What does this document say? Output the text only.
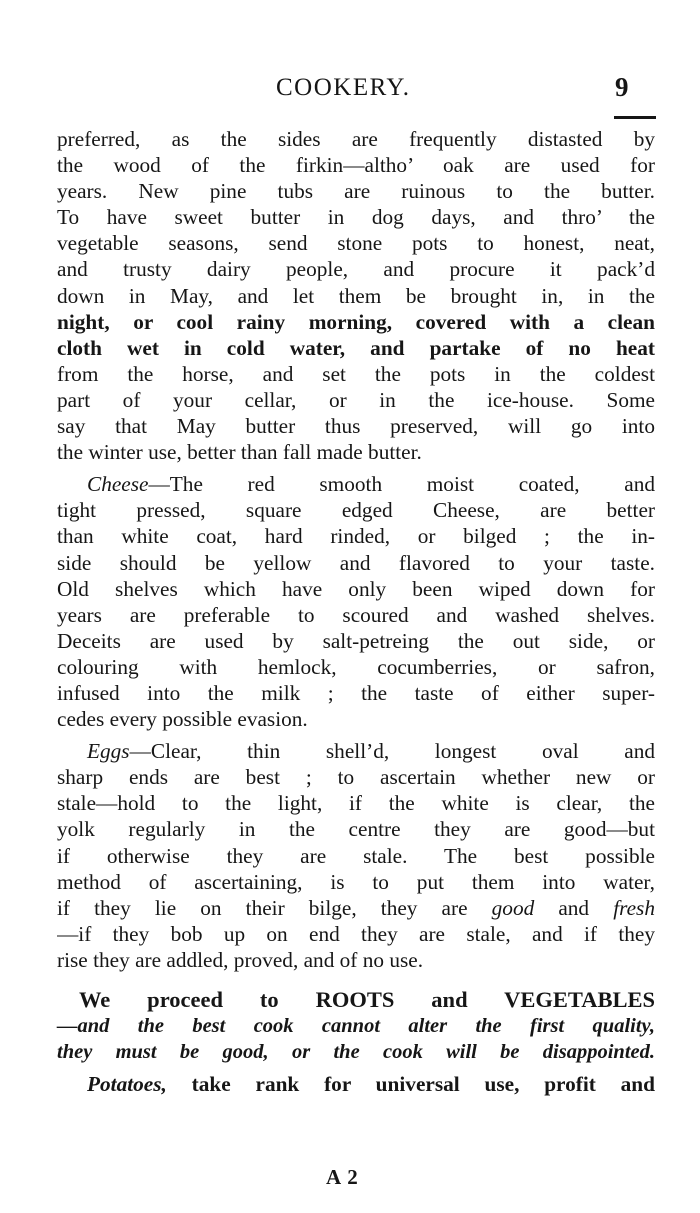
COOKERY.	9

preferred, as the sides are frequently distasted by
the wood of the firkin—altho’ oak are used for
years. New pine tubs are ruinous to the butter.
To have sweet butter in dog days, and thro’ the
vegetable seasons, send stone pots to honest, neat,
and trusty dairy people, and procure it pack’d
down in May, and let them be brought in, in the
night, or cool rainy morning, covered with a clean
cloth wet in cold water, and partake of no heat
from the horse, and set the pots in the coldest
part of your cellar, or in the ice-house. Some
say that May butter thus preserved, will go into
the winter use, better than fall made butter.

Cheese—The red smooth moist coated, and
tight pressed, square edged Cheese, are better
than white coat, hard rinded, or bilged ; the in-
side should be yellow and flavored to your taste.
Old shelves which have only been wiped down for
years are preferable to scoured and washed shelves.
Deceits are used by salt-petreing the out side, or
colouring with hemlock, cocumberries, or safron,
infused into the milk ; the taste of either super-
cedes every possible evasion.

Eggs—Clear, thin shell’d, longest oval and
sharp ends are best ; to ascertain whether new or
stale—hold to the light, if the white is clear, the
yolk regularly in the centre they are good—but
if otherwise they are stale. The best possible
method of ascertaining, is to put them into water,
if they lie on their bilge, they are good and fresh
—if they bob up on end they are stale, and if they
rise they are addled, proved, and of no use.

We proceed to ROOTS and VEGETABLES
—and the best cook cannot alter the first quality,
they must be good, or the cook will be disappointed.

Potatoes, take rank for universal use, profit and

A 2
